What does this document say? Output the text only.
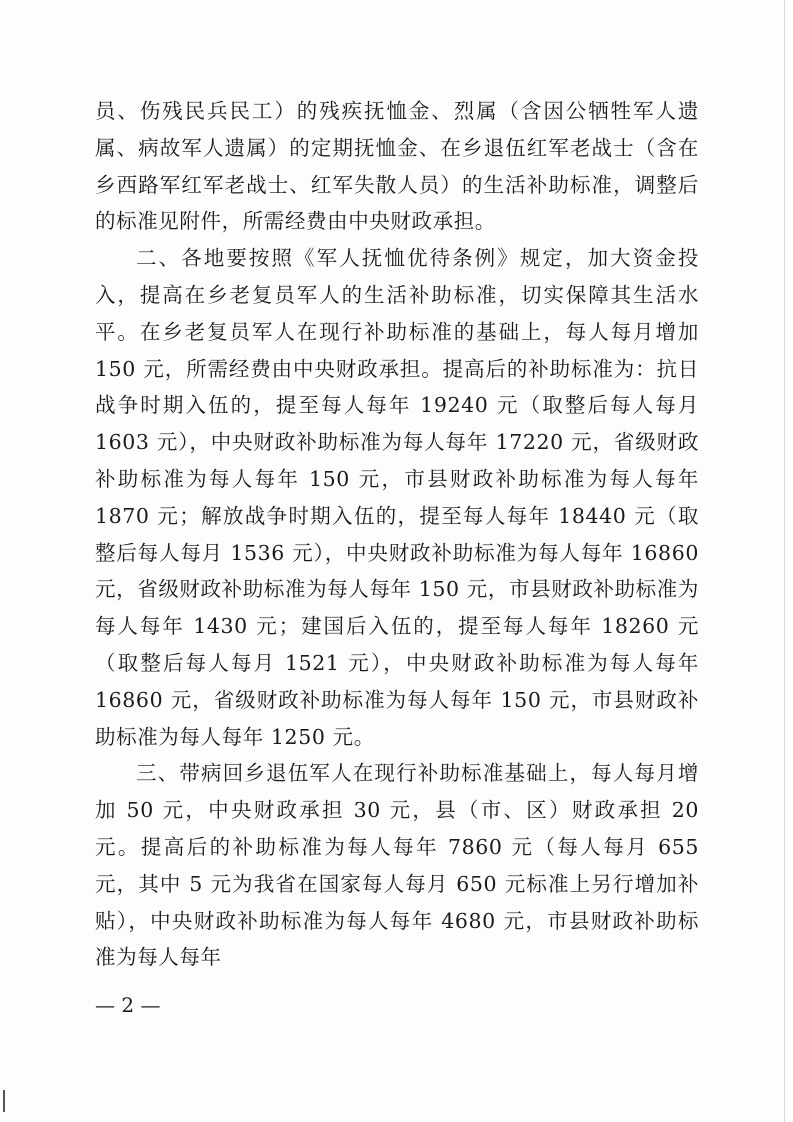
员、伤残民兵民工）的残疾抚恤金、烈属（含因公牺牲军人遗属、病故军人遗属）的定期抚恤金、在乡退伍红军老战士（含在乡西路军红军老战士、红军失散人员）的生活补助标准，调整后的标准见附件，所需经费由中央财政承担。

二、各地要按照《军人抚恤优待条例》规定，加大资金投入，提高在乡老复员军人的生活补助标准，切实保障其生活水平。在乡老复员军人在现行补助标准的基础上，每人每月增加 150 元，所需经费由中央财政承担。提高后的补助标准为：抗日战争时期入伍的，提至每人每年 19240 元（取整后每人每月 1603 元），中央财政补助标准为每人每年 17220 元，省级财政补助标准为每人每年 150 元，市县财政补助标准为每人每年 1870 元；解放战争时期入伍的，提至每人每年 18440 元（取整后每人每月 1536 元），中央财政补助标准为每人每年 16860 元，省级财政补助标准为每人每年 150 元，市县财政补助标准为每人每年 1430 元；建国后入伍的，提至每人每年 18260 元（取整后每人每月 1521 元），中央财政补助标准为每人每年 16860 元，省级财政补助标准为每人每年 150 元，市县财政补助标准为每人每年 1250 元。

三、带病回乡退伍军人在现行补助标准基础上，每人每月增加 50 元，中央财政承担 30 元，县（市、区）财政承担 20 元。提高后的补助标准为每人每年 7860 元（每人每月 655 元，其中 5 元为我省在国家每人每月 650 元标准上另行增加补贴），中央财政补助标准为每人每年 4680 元，市县财政补助标准为每人每年

— 2 —
